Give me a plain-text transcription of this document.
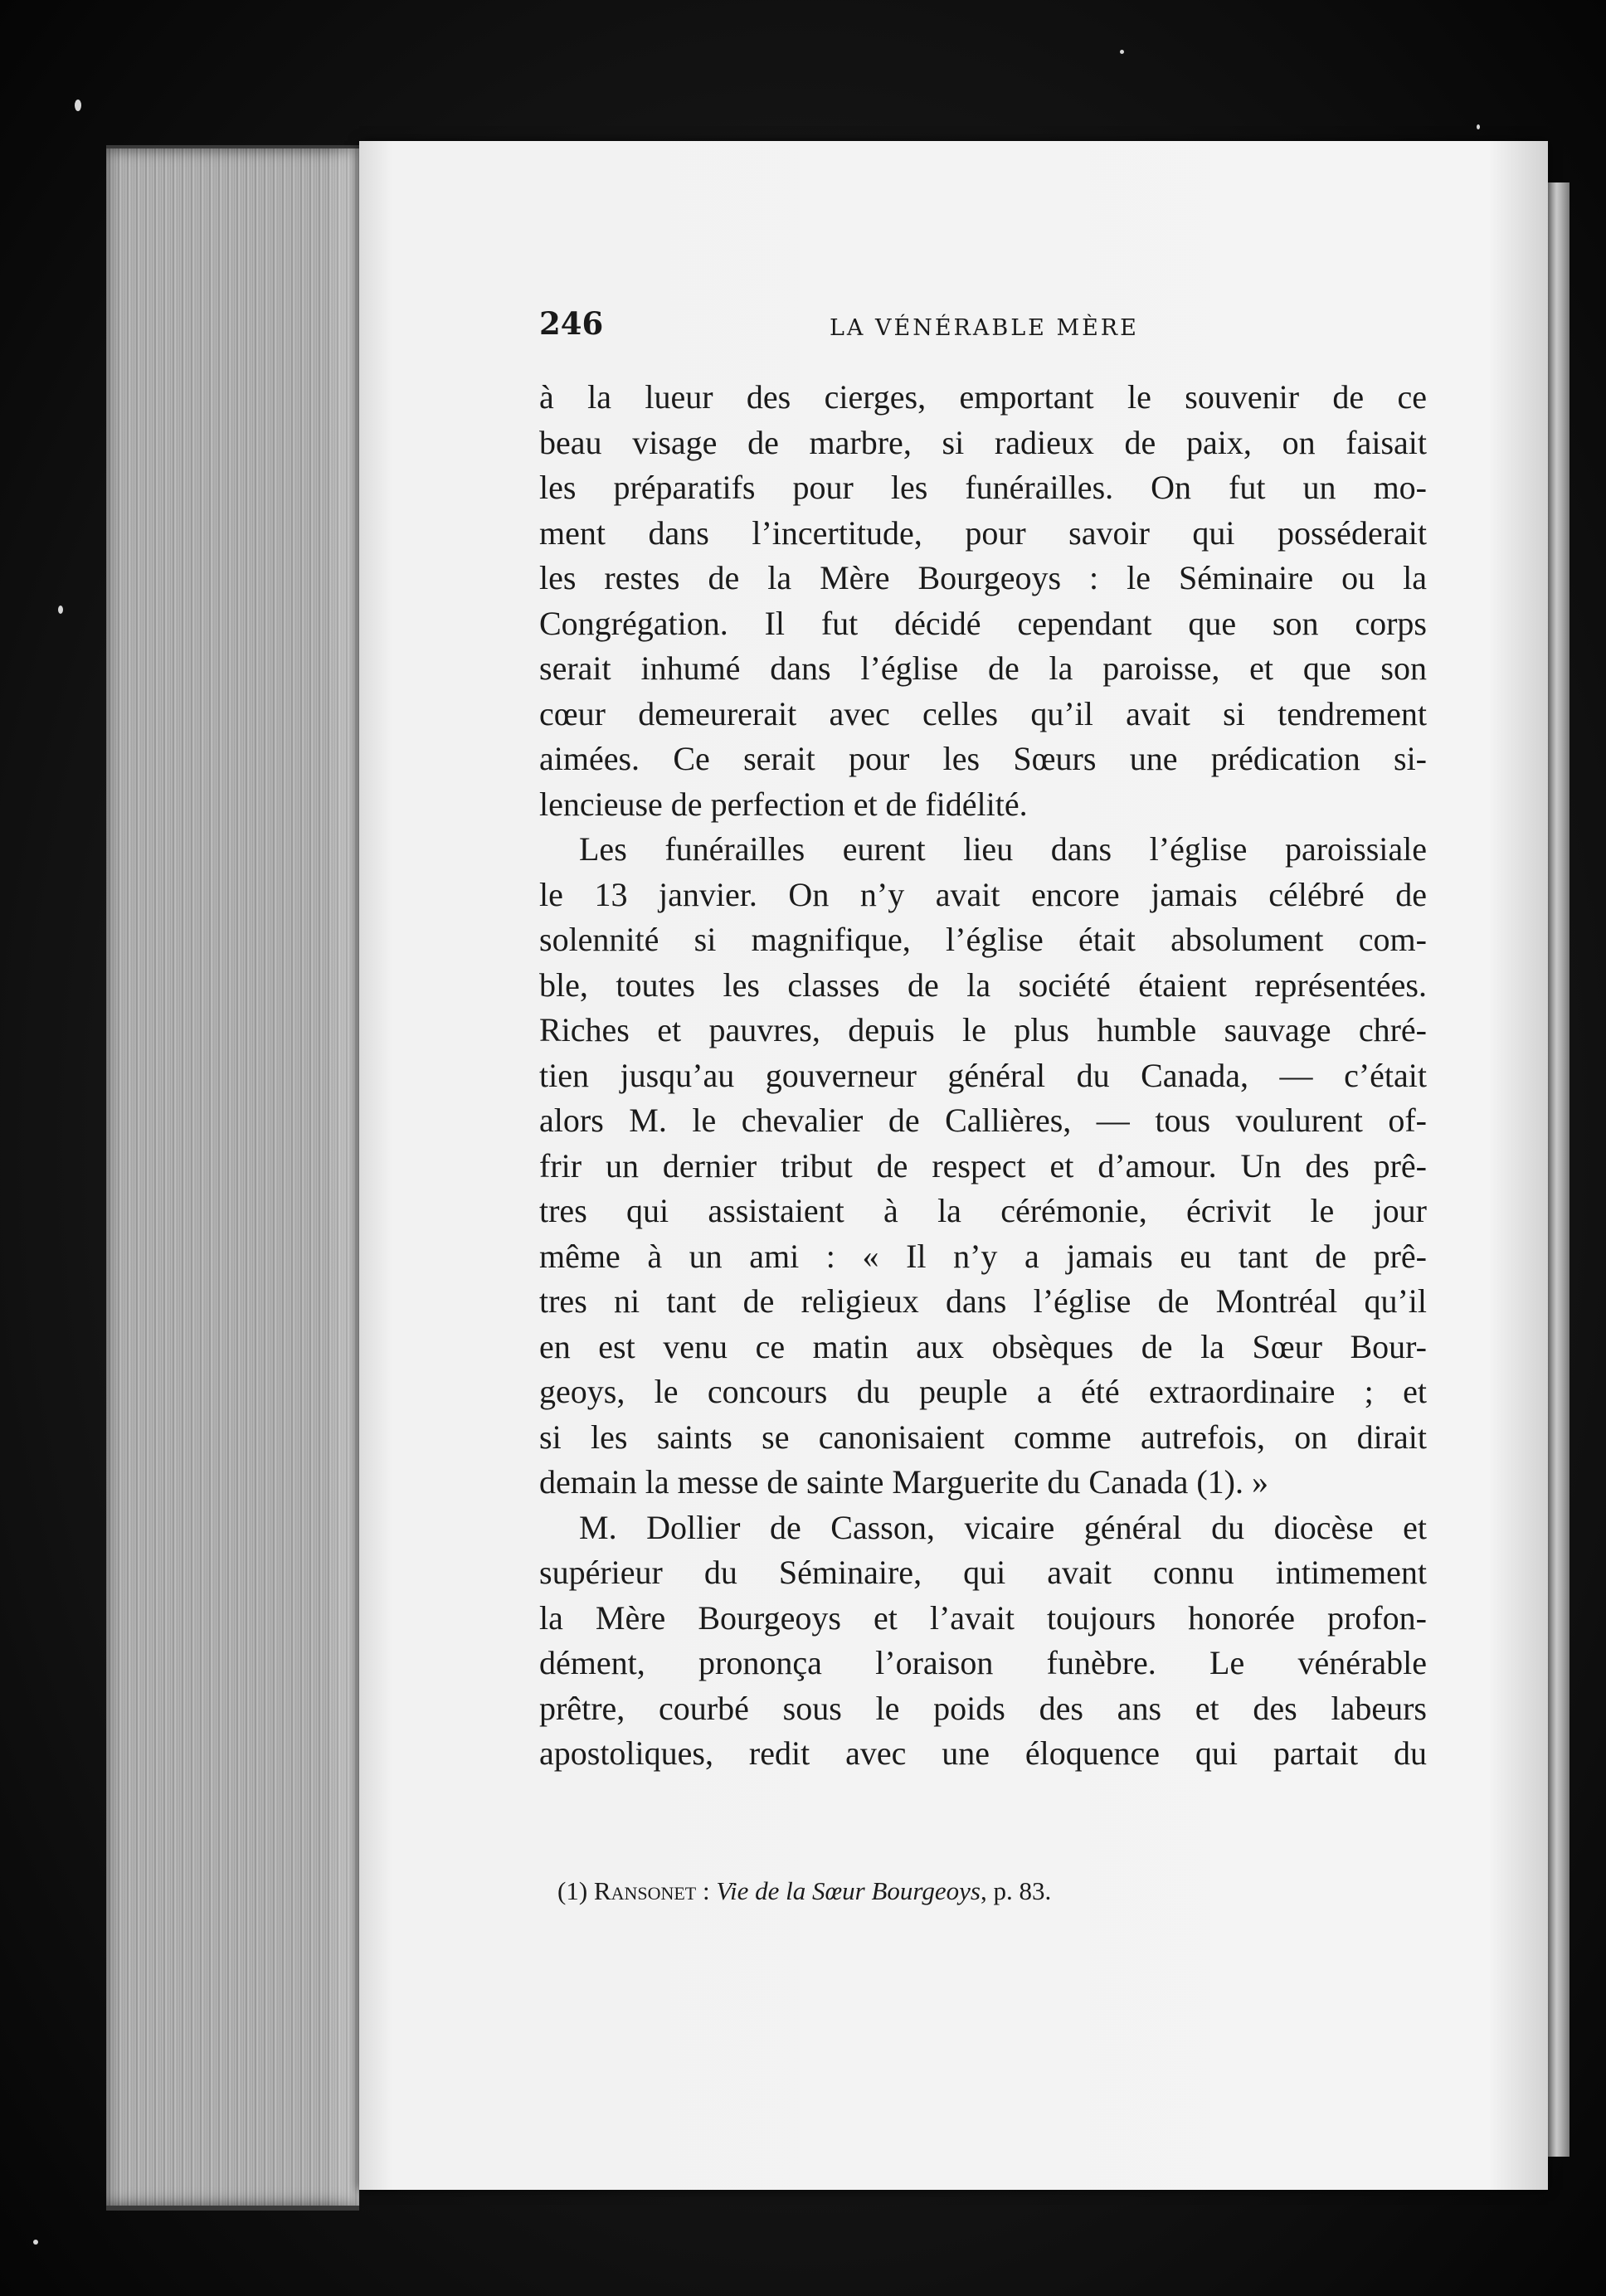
246	LA VÉNÉRABLE MÈRE
à la lueur des cierges, emportant le souvenir de ce
beau visage de marbre, si radieux de paix, on faisait
les préparatifs pour les funérailles. On fut un mo-
ment dans l’incertitude, pour savoir qui posséderait
les restes de la Mère Bourgeoys : le Séminaire ou la
Congrégation. Il fut décidé cependant que son corps
serait inhumé dans l’église de la paroisse, et que son
cœur demeurerait avec celles qu’il avait si tendrement
aimées. Ce serait pour les Sœurs une prédication si-
lencieuse de perfection et de fidélité.
Les funérailles eurent lieu dans l’église paroissiale
le 13 janvier. On n’y avait encore jamais célébré de
solennité si magnifique, l’église était absolument com-
ble, toutes les classes de la société étaient représentées.
Riches et pauvres, depuis le plus humble sauvage chré-
tien jusqu’au gouverneur général du Canada, — c’était
alors M. le chevalier de Callières, — tous voulurent of-
frir un dernier tribut de respect et d’amour. Un des prê-
tres qui assistaient à la cérémonie, écrivit le jour
même à un ami : « Il n’y a jamais eu tant de prê-
tres ni tant de religieux dans l’église de Montréal qu’il
en est venu ce matin aux obsèques de la Sœur Bour-
geoys, le concours du peuple a été extraordinaire ; et
si les saints se canonisaient comme autrefois, on dirait
demain la messe de sainte Marguerite du Canada (1). »
M. Dollier de Casson, vicaire général du diocèse et
supérieur du Séminaire, qui avait connu intimement
la Mère Bourgeoys et l’avait toujours honorée profon-
dément, prononça l’oraison funèbre. Le vénérable
prêtre, courbé sous le poids des ans et des labeurs
apostoliques, redit avec une éloquence qui partait du
(1) Ransonet : Vie de la Sœur Bourgeoys, p. 83.
